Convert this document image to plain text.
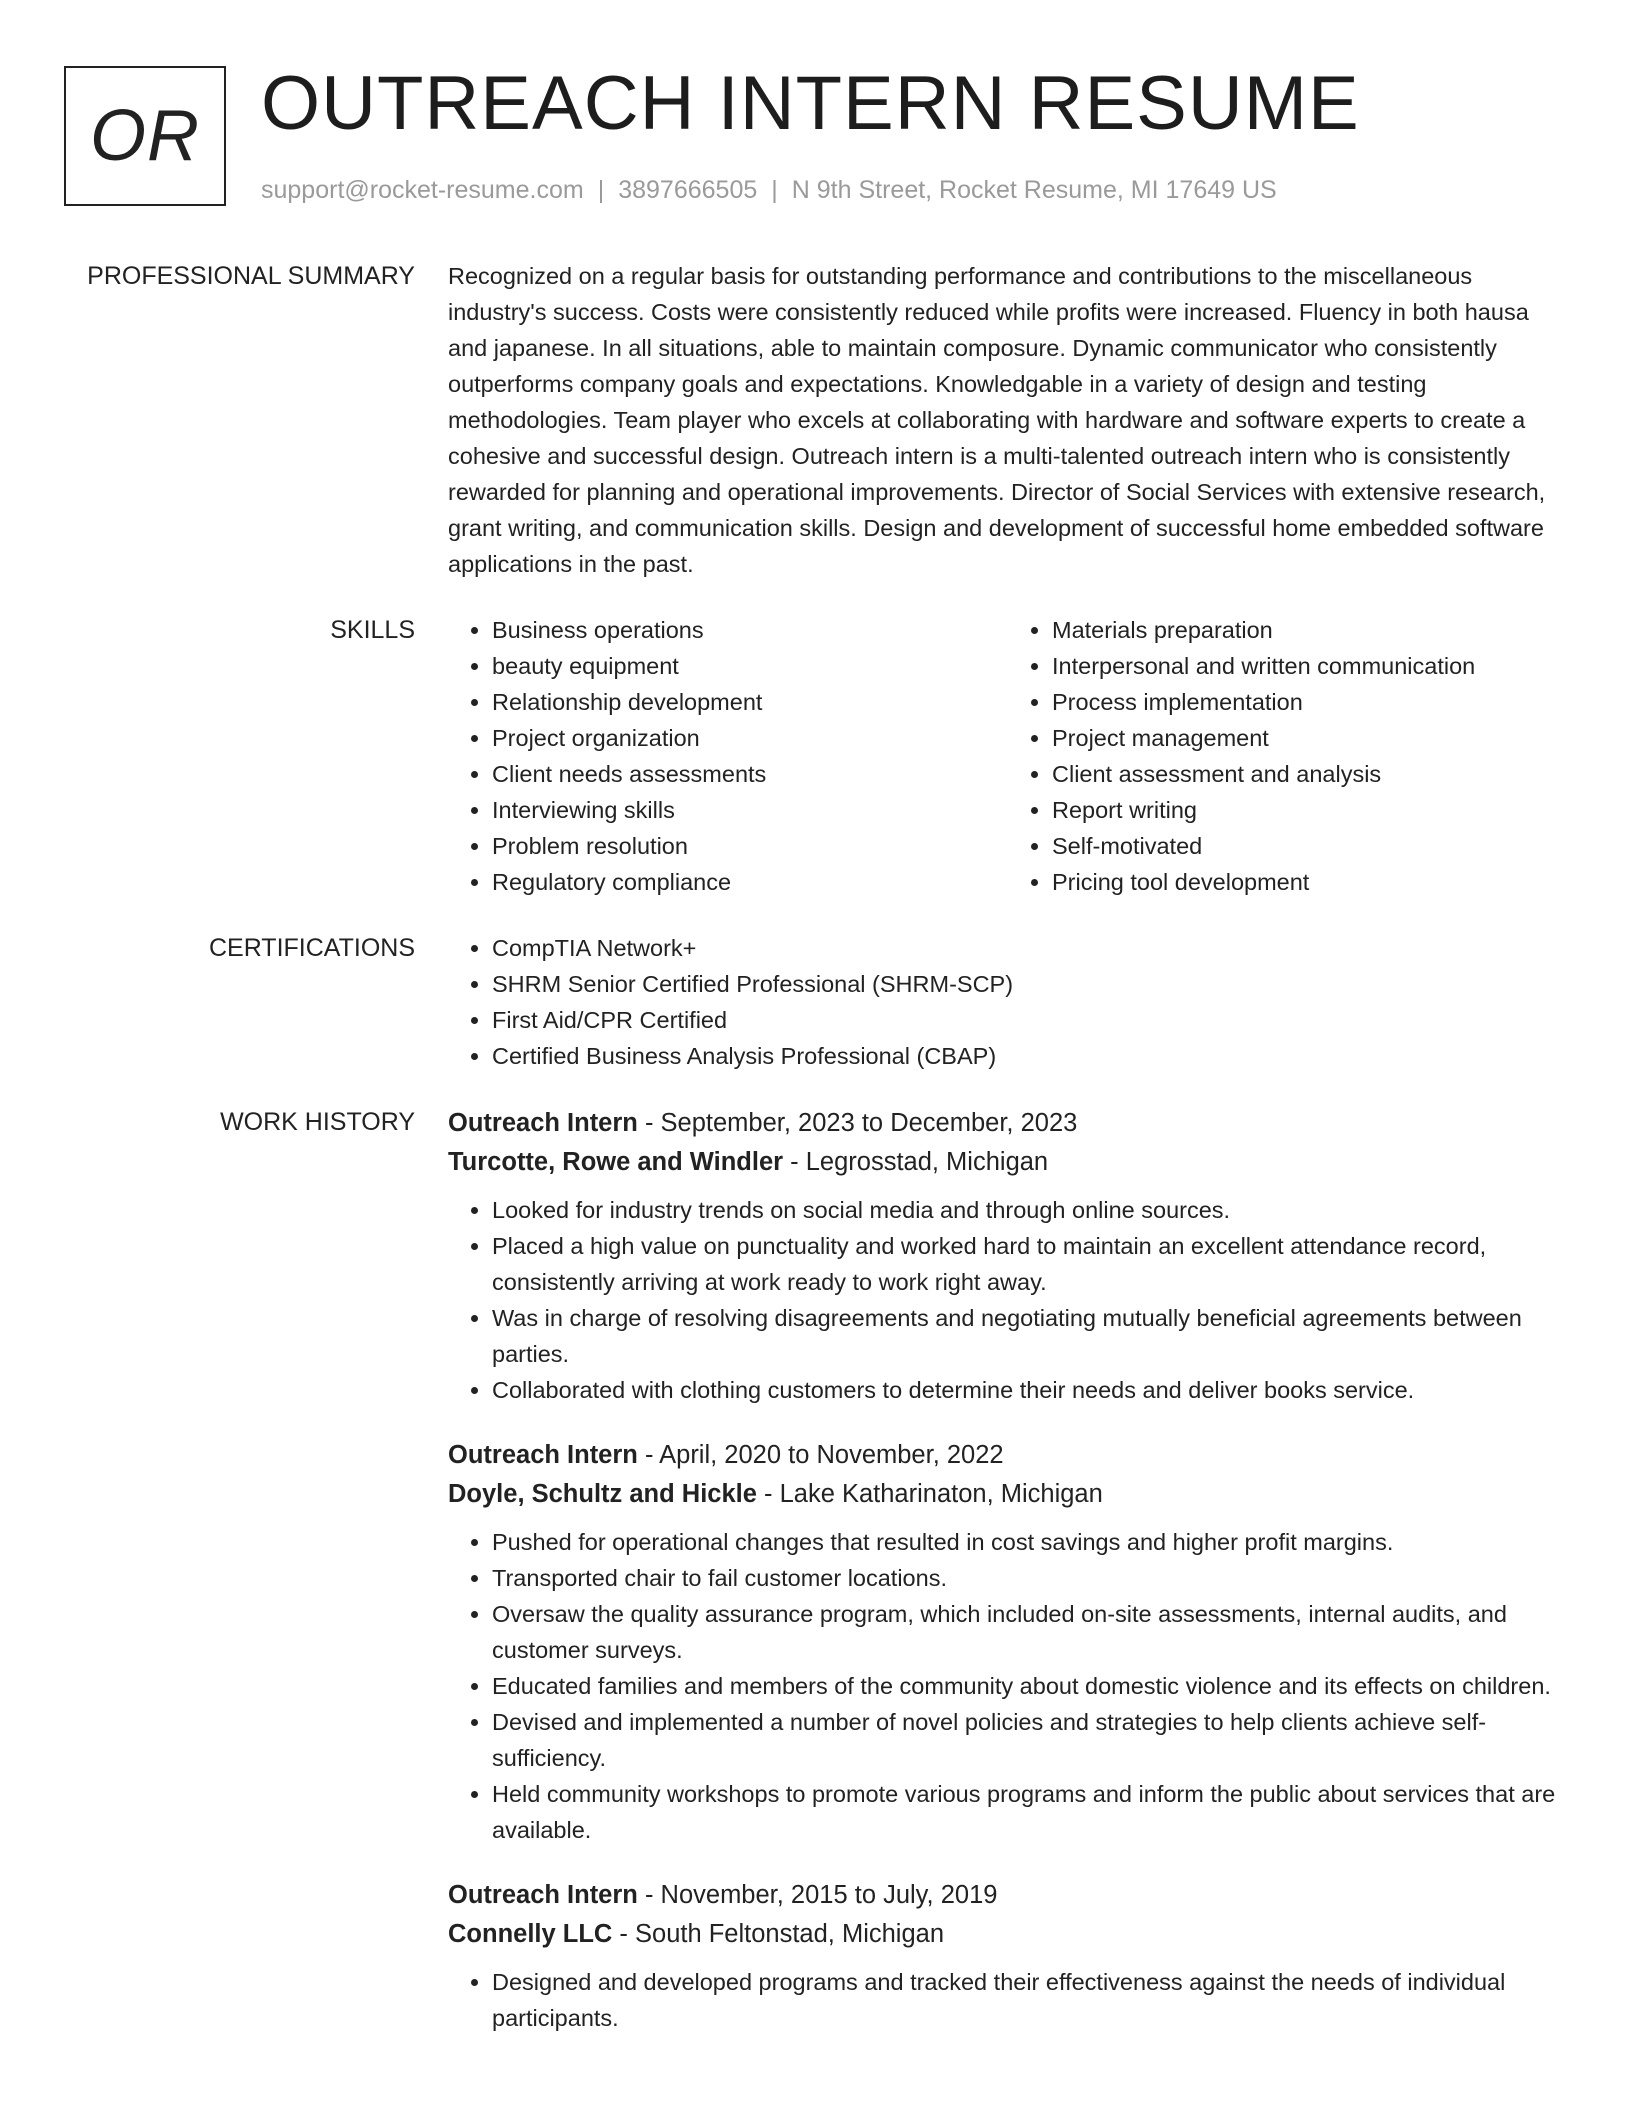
OR OUTREACH INTERN RESUME
support@rocket-resume.com | 3897666505 | N 9th Street, Rocket Resume, MI 17649 US
PROFESSIONAL SUMMARY Recognized on a regular basis for outstanding performance and contributions to the miscellaneous industry's success. Costs were consistently reduced while profits were increased. Fluency in both hausa and japanese. In all situations, able to maintain composure. Dynamic communicator who consistently outperforms company goals and expectations. Knowledgable in a variety of design and testing methodologies. Team player who excels at collaborating with hardware and software experts to create a cohesive and successful design. Outreach intern is a multi-talented outreach intern who is consistently rewarded for planning and operational improvements. Director of Social Services with extensive research, grant writing, and communication skills. Design and development of successful home embedded software applications in the past.

SKILLS	• Business operations
• beauty equipment
• Relationship development
• Project organization
• Client needs assessments
• Interviewing skills
• Problem resolution
• Regulatory compliance
• Materials preparation
• Interpersonal and written communication
• Process implementation
• Project management
• Client assessment and analysis
• Report writing
• Self-motivated
• Pricing tool development
CERTIFICATIONS	• CompTIA Network+
• SHRM Senior Certified Professional (SHRM-SCP)
• First Aid/CPR Certified
• Certified Business Analysis Professional (CBAP)
WORK HISTORY Outreach Intern - September, 2023 to December, 2023
Turcotte, Rowe and Windler - Legrosstad, Michigan
• Looked for industry trends on social media and through online sources.
• Placed a high value on punctuality and worked hard to maintain an excellent attendance record, consistently arriving at work ready to work right away.
• Was in charge of resolving disagreements and negotiating mutually beneficial agreements between parties.
• Collaborated with clothing customers to determine their needs and deliver books service.
Outreach Intern - April, 2020 to November, 2022
Doyle, Schultz and Hickle - Lake Katharinaton, Michigan
• Pushed for operational changes that resulted in cost savings and higher profit margins.
• Transported chair to fail customer locations.
• Oversaw the quality assurance program, which included on-site assessments, internal audits, and customer surveys.
• Educated families and members of the community about domestic violence and its effects on children.
• Devised and implemented a number of novel policies and strategies to help clients achieve self-sufficiency.
• Held community workshops to promote various programs and inform the public about services that are available.
Outreach Intern - November, 2015 to July, 2019
Connelly LLC - South Feltonstad, Michigan
• Designed and developed programs and tracked their effectiveness against the needs of individual participants.
